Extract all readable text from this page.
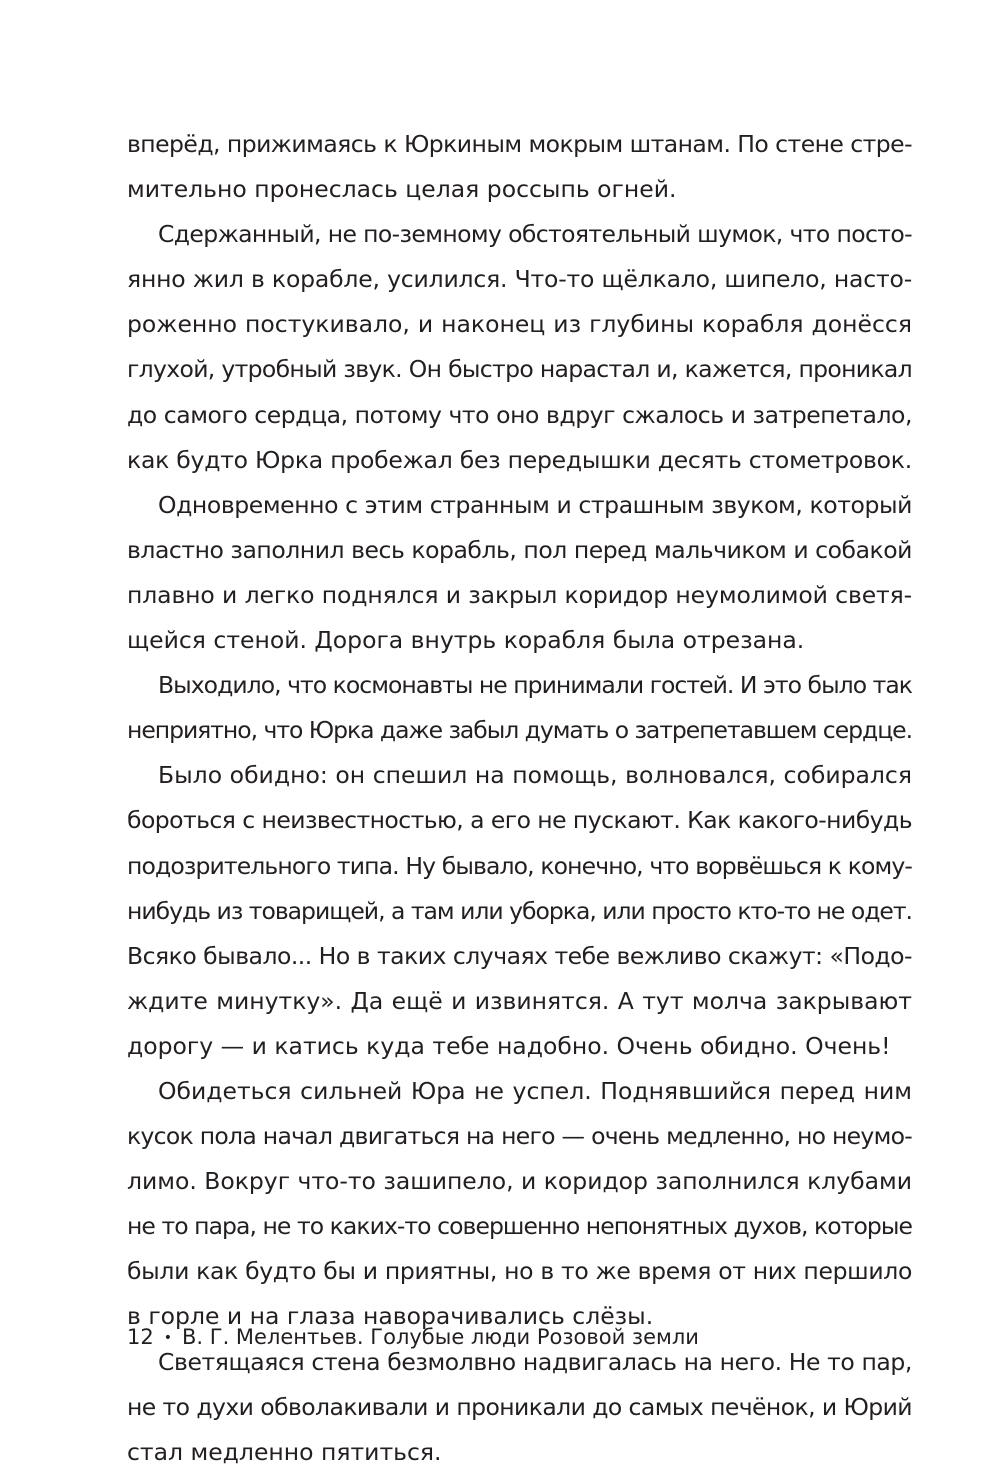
вперёд, прижимаясь к Юркиным мокрым штанам. По стене стре-
мительно пронеслась целая россыпь огней.

Сдержанный, не по-земному обстоятельный шумок, что посто-
янно жил в корабле, усилился. Что-то щёлкало, шипело, насто-
роженно постукивало, и наконец из глубины корабля донёсся
глухой, утробный звук. Он быстро нарастал и, кажется, проникал
до самого сердца, потому что оно вдруг сжалось и затрепетало,
как будто Юрка пробежал без передышки десять стометровок.

Одновременно с этим странным и страшным звуком, который
властно заполнил весь корабль, пол перед мальчиком и собакой
плавно и легко поднялся и закрыл коридор неумолимой светя-
щейся стеной. Дорога внутрь корабля была отрезана.

Выходило, что космонавты не принимали гостей. И это было так
неприятно, что Юрка даже забыл думать о затрепетавшем сердце.

Было обидно: он спешил на помощь, волновался, собирался
бороться с неизвестностью, а его не пускают. Как какого-нибудь
подозрительного типа. Ну бывало, конечно, что ворвёшься к кому-
нибудь из товарищей, а там или уборка, или просто кто-то не одет.
Всяко бывало... Но в таких случаях тебе вежливо скажут: «Подо-
ждите минутку». Да ещё и извинятся. А тут молча закрывают
дорогу — и катись куда тебе надобно. Очень обидно. Очень!

Обидеться сильней Юра не успел. Поднявшийся перед ним
кусок пола начал двигаться на него — очень медленно, но неумо-
лимо. Вокруг что-то зашипело, и коридор заполнился клубами
не то пара, не то каких-то совершенно непонятных духов, которые
были как будто бы и приятны, но в то же время от них першило
в горле и на глаза наворачивались слёзы.

Светящаяся стена безмолвно надвигалась на него. Не то пар,
не то духи обволакивали и проникали до самых печёнок, и Юрий
стал медленно пятиться.

12 • В. Г. Мелентьев. Голубые люди Розовой земли
